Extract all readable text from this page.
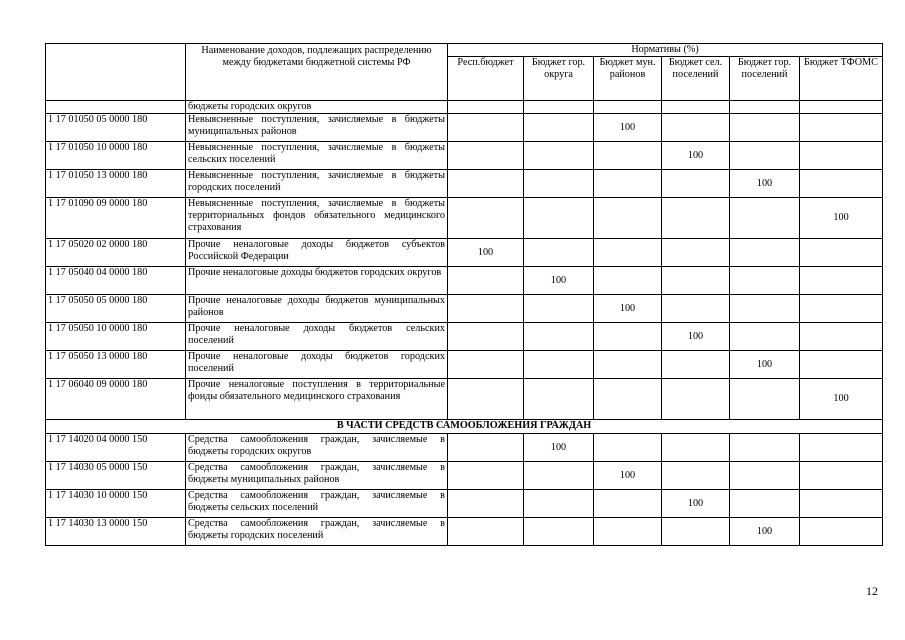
	Наименование доходов, подлежащих распределению между бюджетами бюджетной системы РФ	Нормативы (%)					
		Респ.бюджет	Бюджет гор. округа	Бюджет мун. районов	Бюджет сел. поселений	Бюджет гор. поселений	Бюджет ТФОМС
	бюджеты городских округов						
1 17 01050 05 0000 180	Невыясненные поступления, зачисляемые в бюджеты муниципальных районов			100			
1 17 01050 10 0000 180	Невыясненные поступления, зачисляемые в бюджеты сельских поселений				100		
1 17 01050 13 0000 180	Невыясненные поступления, зачисляемые в бюджеты городских поселений					100	
1 17 01090 09 0000 180	Невыясненные поступления, зачисляемые в бюджеты территориальных фондов обязательного медицинского страхования						100
1 17 05020 02 0000 180	Прочие неналоговые доходы бюджетов субъектов Российской Федерации	100					
1 17 05040 04 0000 180	Прочие неналоговые доходы бюджетов городских округов		100				
1 17 05050 05 0000 180	Прочие неналоговые доходы бюджетов муниципальных районов			100			
1 17 05050 10 0000 180	Прочие неналоговые доходы бюджетов сельских поселений				100		
1 17 05050 13 0000 180	Прочие неналоговые доходы бюджетов городских поселений					100	
1 17 06040 09 0000 180	Прочие неналоговые поступления в территориальные фонды обязательного медицинского страхования						100
В ЧАСТИ СРЕДСТВ САМООБЛОЖЕНИЯ ГРАЖДАН							
1 17 14020 04 0000 150	Средства самообложения граждан, зачисляемые в бюджеты городских округов		100				
1 17 14030 05 0000 150	Средства самообложения граждан, зачисляемые в бюджеты муниципальных районов			100			
1 17 14030 10 0000 150	Средства самообложения граждан, зачисляемые в бюджеты сельских поселений				100		
1 17 14030 13 0000 150	Средства самообложения граждан, зачисляемые в бюджеты городских поселений					100	
12
